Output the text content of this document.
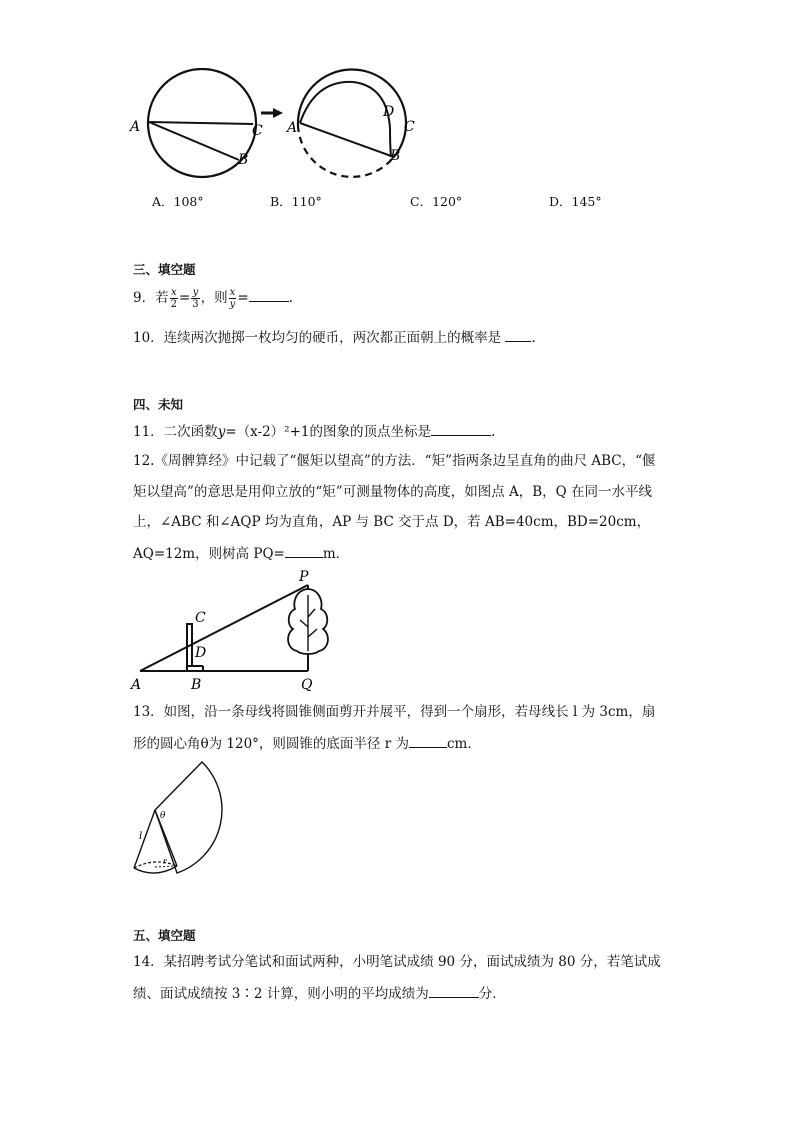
A	C
B
A
D
C
B
A．108°	B．110°	C．120°	D．145°
三、填空题
9．若 $\frac{x}{2} = \frac{y}{3}$ ，则 $\frac{x}{y}$ =	.
10．连续两次抛掷一枚均匀的硬币，两次都正面朝上的概率是 .
四、未知
11．二次函数y=（x-2）²+1的图象的顶点坐标是	.
12.《周髀算经》中记载了“偃矩以望高”的方法．“矩”指两条边呈直角的曲尺 ABC，“偃
矩以望高”的意思是用仰立放的“矩”可测量物体的高度，如图点 A，B，Q 在同一水平线
上，∠ABC 和∠AQP 均为直角，AP 与 BC 交于点 D，若 AB=40cm，BD=20cm，
AQ=12m，则树高 PQ=	m．
P
C
D
A	B	Q
13．如图，沿一条母线将圆锥侧面剪开并展平，得到一个扇形，若母线长 l 为 3cm，扇
形的圆心角θ为 120°，则圆锥的底面半径 r 为	cm．
θ
l
r
五、填空题
14．某招聘考试分笔试和面试两种，小明笔试成绩 90 分，面试成绩为 80 分，若笔试成
绩、面试成绩按 3∶2 计算，则小明的平均成绩为	分．
